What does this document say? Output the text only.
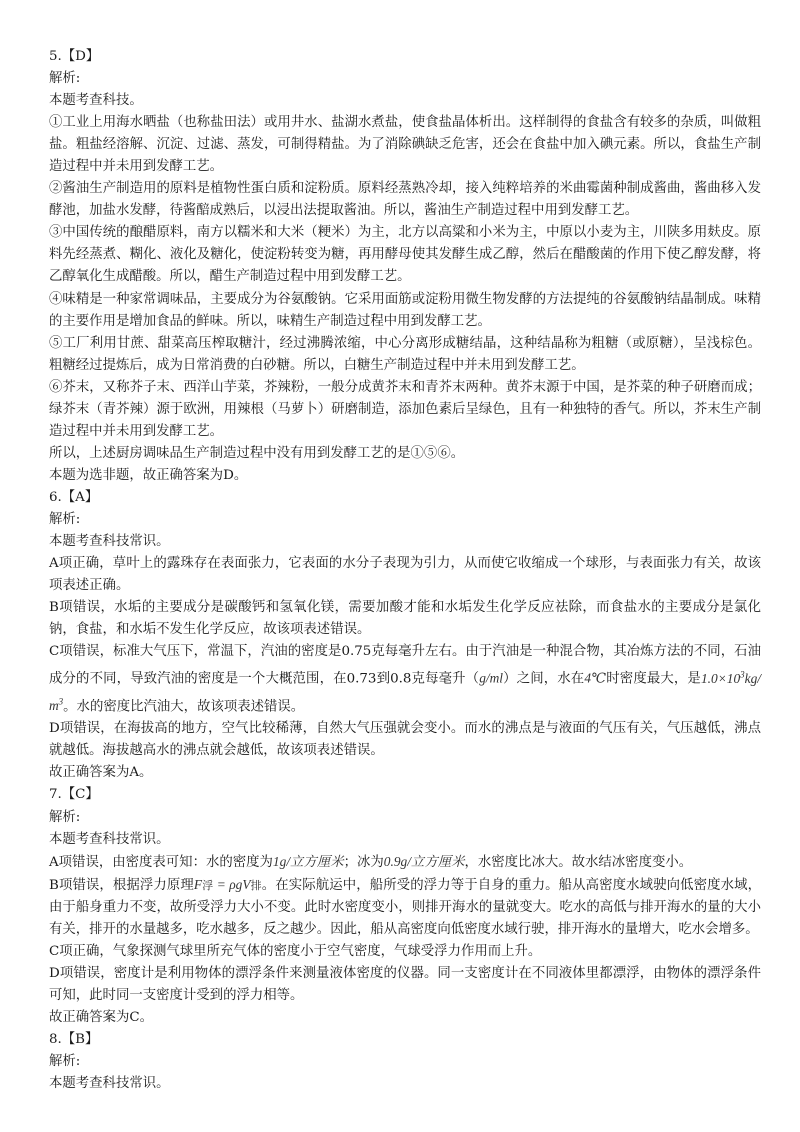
5.【D】

解析:

本题考查科技。

①工业上用海水晒盐（也称盐田法）或用井水、盐湖水煮盐，使食盐晶体析出。这样制得的食盐含有较多的杂质，叫做粗盐。粗盐经溶解、沉淀、过滤、蒸发，可制得精盐。为了消除碘缺乏危害，还会在食盐中加入碘元素。所以，食盐生产制造过程中并未用到发酵工艺。

②酱油生产制造用的原料是植物性蛋白质和淀粉质。原料经蒸熟冷却，接入纯粹培养的米曲霉菌种制成酱曲，酱曲移入发酵池，加盐水发酵，待酱醅成熟后，以浸出法提取酱油。所以，酱油生产制造过程中用到发酵工艺。

③中国传统的酿醋原料，南方以糯米和大米（粳米）为主，北方以高粱和小米为主，中原以小麦为主，川陕多用麸皮。原料先经蒸煮、糊化、液化及糖化，使淀粉转变为糖，再用酵母使其发酵生成乙醇，然后在醋酸菌的作用下使乙醇发酵，将乙醇氧化生成醋酸。所以，醋生产制造过程中用到发酵工艺。

④味精是一种家常调味品，主要成分为谷氨酸钠。它采用面筋或淀粉用微生物发酵的方法提纯的谷氨酸钠结晶制成。味精的主要作用是增加食品的鲜味。所以，味精生产制造过程中用到发酵工艺。

⑤工厂利用甘蔗、甜菜高压榨取糖汁，经过沸腾浓缩，中心分离形成糖结晶，这种结晶称为粗糖（或原糖），呈浅棕色。粗糖经过提炼后，成为日常消费的白砂糖。所以，白糖生产制造过程中并未用到发酵工艺。

⑥芥末，又称芥子末、西洋山芋菜，芥辣粉，一般分成黄芥末和青芥末两种。黄芥末源于中国，是芥菜的种子研磨而成；绿芥末（青芥辣）源于欧洲，用辣根（马萝卜）研磨制造，添加色素后呈绿色，且有一种独特的香气。所以，芥末生产制造过程中并未用到发酵工艺。

所以，上述厨房调味品生产制造过程中没有用到发酵工艺的是①⑤⑥。

本题为选非题，故正确答案为D。

6.【A】

解析:

本题考查科技常识。

A项正确，草叶上的露珠存在表面张力，它表面的水分子表现为引力，从而使它收缩成一个球形，与表面张力有关，故该项表述正确。

B项错误，水垢的主要成分是碳酸钙和氢氧化镁，需要加酸才能和水垢发生化学反应祛除，而食盐水的主要成分是氯化钠，食盐，和水垢不发生化学反应，故该项表述错误。

C项错误，标准大气压下，常温下，汽油的密度是0.75克每毫升左右。由于汽油是一种混合物，其冶炼方法的不同，石油成分的不同，导致汽油的密度是一个大概范围，在0.73到0.8克每毫升（g/ml）之间，水在4℃时密度最大，是$1.0\times 10^3kg/m^3$。水的密度比汽油大，故该项表述错误。

D项错误，在海拔高的地方，空气比较稀薄，自然大气压强就会变小。而水的沸点是与液面的气压有关，气压越低，沸点就越低。海拔越高水的沸点就会越低，故该项表述错误。

故正确答案为A。

7.【C】

解析:

本题考查科技常识。

A项错误，由密度表可知：水的密度为1g/立方厘米；冰为0.9g/立方厘米，水密度比冰大。故水结冰密度变小。

B项错误，根据浮力原理F浮 = ρgV排。在实际航运中，船所受的浮力等于自身的重力。船从高密度水域驶向低密度水域，由于船身重力不变，故所受浮力大小不变。此时水密度变小，则排开海水的量就变大。吃水的高低与排开海水的量的大小有关，排开的水量越多，吃水越多，反之越少。因此，船从高密度向低密度水域行驶，排开海水的量增大，吃水会增多。

C项正确，气象探测气球里所充气体的密度小于空气密度，气球受浮力作用而上升。

D项错误，密度计是利用物体的漂浮条件来测量液体密度的仪器。同一支密度计在不同液体里都漂浮，由物体的漂浮条件可知，此时同一支密度计受到的浮力相等。

故正确答案为C。

8.【B】

解析:

本题考查科技常识。
